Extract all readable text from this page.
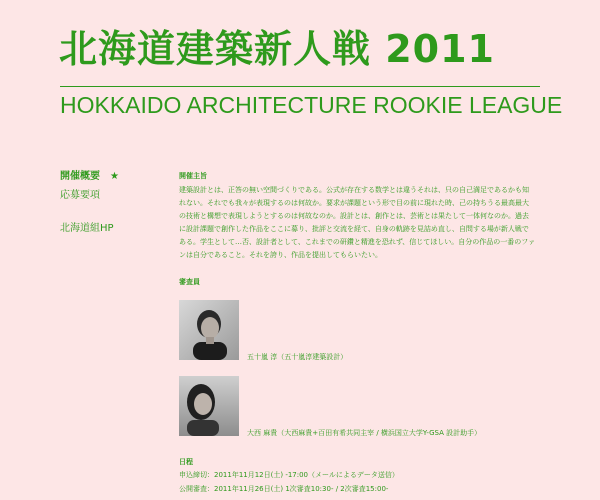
北海道建築新人戦 2011
HOKKAIDO ARCHITECTURE ROOKIE LEAGUE
開催概要 ★
応募要項
北海道組HP
開催主旨
建築設計とは、正答の無い空間づくりである。公式が存在する数学とは違うそれは、只の自己満足であるかも知
れない。それでも我々が表現するのは何故か。要求が課題という形で目の前に現れた時、己の持ちうる最高最大
の技術と構想で表現しようとするのは何故なのか。設計とは、創作とは、芸術とは果たして一体何なのか。過去
に設計課題で創作した作品をここに募り、批評と交流を経て、自身の軌跡を見詰め直し、自問する場が新人戦で
ある。学生として…否、設計者として、これまでの研鑽と精進を恐れず、信じてほしい。自分の作品の一番のファ
ンは自分であること。それを誇り、作品を提出してもらいたい。
審査員
五十嵐 淳（五十嵐淳建築設計）
大西 麻貴（大西麻貴+百田有希共同主宰 / 横浜国立大学Y-GSA 設計助手）
日程
申込締切：2011年11月12日(土) -17:00（メールによるデータ送信）
公開審査：2011年11月26日(土) 1次審査10:30- / 2次審査15:00-
